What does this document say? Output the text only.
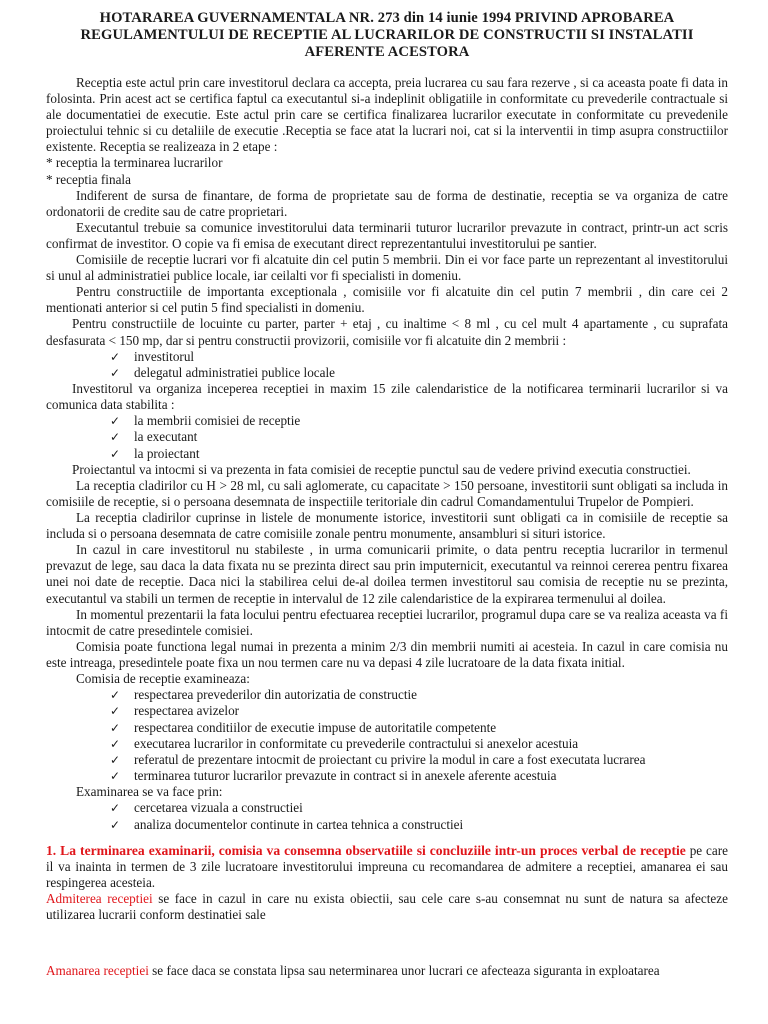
HOTARAREA GUVERNAMENTALA NR. 273 din 14 iunie 1994 PRIVIND APROBAREA
REGULAMENTULUI DE RECEPTIE AL LUCRARILOR DE CONSTRUCTII SI INSTALATII
AFERENTE ACESTORA

Receptia este actul prin care investitorul declara ca accepta, preia lucrarea cu sau fara rezerve , si ca aceasta poate fi data in folosinta. Prin acest act se certifica faptul ca executantul si-a indeplinit obligatiile in conformitate cu prevederile contractuale si ale documentatiei de executie. Este actul prin care se certifica finalizarea lucrarilor executate in conformitate cu prevedenile proiectului tehnic si cu detaliile de executie .Receptia se face atat la lucrari noi, cat si la interventii in timp asupra constructiilor existente. Receptia se realizeaza in 2 etape :

* receptia la terminarea lucrarilor

* receptia finala

Indiferent de sursa de finantare, de forma de proprietate sau de forma de destinatie, receptia se va organiza de catre ordonatorii de credite sau de catre proprietari.

Executantul trebuie sa comunice investitorului data terminarii tuturor lucrarilor prevazute in contract, printr-un act scris confirmat de investitor. O copie va fi emisa de executant direct reprezentantului investitorului pe santier.

Comisiile de receptie lucrari vor fi alcatuite din cel putin 5 membrii. Din ei vor face parte un reprezentant al investitorului si unul al administratiei publice locale, iar ceilalti vor fi specialisti in domeniu.

Pentru constructiile de importanta exceptionala , comisiile vor fi alcatuite din cel putin 7 membrii , din care cei 2 mentionati anterior si cel putin 5 find specialisti in domeniu.

Pentru constructiile de locuinte cu parter, parter + etaj , cu inaltime < 8 ml , cu cel mult 4 apartamente , cu suprafata desfasurata < 150 mp, dar si pentru constructii provizorii, comisiile vor fi alcatuite din 2 membrii :

✓ investitorul
✓ delegatul administratiei publice locale

Investitorul va organiza inceperea receptiei in maxim 15 zile calendaristice de la notificarea terminarii lucrarilor si va comunica data stabilita :

✓ la membrii comisiei de receptie
✓ la executant
✓ la proiectant

Proiectantul va intocmi si va prezenta in fata comisiei de receptie punctul sau de vedere privind executia constructiei.

La receptia cladirilor cu H > 28 ml, cu sali aglomerate, cu capacitate > 150 persoane, investitorii sunt obligati sa includa in comisiile de receptie, si o persoana desemnata de inspectiile teritoriale din cadrul Comandamentului Trupelor de Pompieri.

La receptia cladirilor cuprinse in listele de monumente istorice, investitorii sunt obligati ca in comisiile de receptie sa includa si o persoana desemnata de catre comisiile zonale pentru monumente, ansambluri si situri istorice.

In cazul in care investitorul nu stabileste , in urma comunicarii primite, o data pentru receptia lucrarilor in termenul prevazut de lege, sau daca la data fixata nu se prezinta direct sau prin imputernicit, executantul va reinnoi cererea pentru fixarea unei noi date de receptie. Daca nici la stabilirea celui de-al doilea termen investitorul sau comisia de receptie nu se prezinta, executantul va stabili un termen de receptie in intervalul de 12 zile calendaristice de la expirarea termenului al doilea.

In momentul prezentarii la fata locului pentru efectuarea receptiei lucrarilor, programul dupa care se va realiza aceasta va fi intocmit de catre presedintele comisiei.

Comisia poate functiona legal numai in prezenta a minim 2/3 din membrii numiti ai acesteia. In cazul in care comisia nu este intreaga, presedintele poate fixa un nou termen care nu va depasi 4 zile lucratoare de la data fixata initial.

Comisia de receptie examineaza:

✓ respectarea prevederilor din autorizatia de constructie
✓ respectarea avizelor
✓ respectarea conditiilor de executie impuse de autoritatile competente
✓ executarea lucrarilor in conformitate cu prevederile contractului si anexelor acestuia
✓ referatul de prezentare intocmit de proiectant cu privire la modul in care a fost executata lucrarea
✓ terminarea tuturor lucrarilor prevazute in contract si in anexele aferente acestuia

Examinarea se va face prin:

✓ cercetarea vizuala a constructiei
✓ analiza documentelor continute in cartea tehnica a constructiei

1. La terminarea examinarii, comisia va consemna observatiile si concluziile intr-un proces verbal de receptie pe care il va inainta in termen de 3 zile lucratoare investitorului impreuna cu recomandarea de admitere a receptiei, amanarea ei sau respingerea acesteia.

Admiterea receptiei se face in cazul in care nu exista obiectii, sau cele care s-au consemnat nu sunt de natura sa afecteze utilizarea lucrarii conform destinatiei sale

Amanarea receptiei se face daca se constata lipsa sau neterminarea unor lucrari ce afecteaza siguranta in exploatarea
